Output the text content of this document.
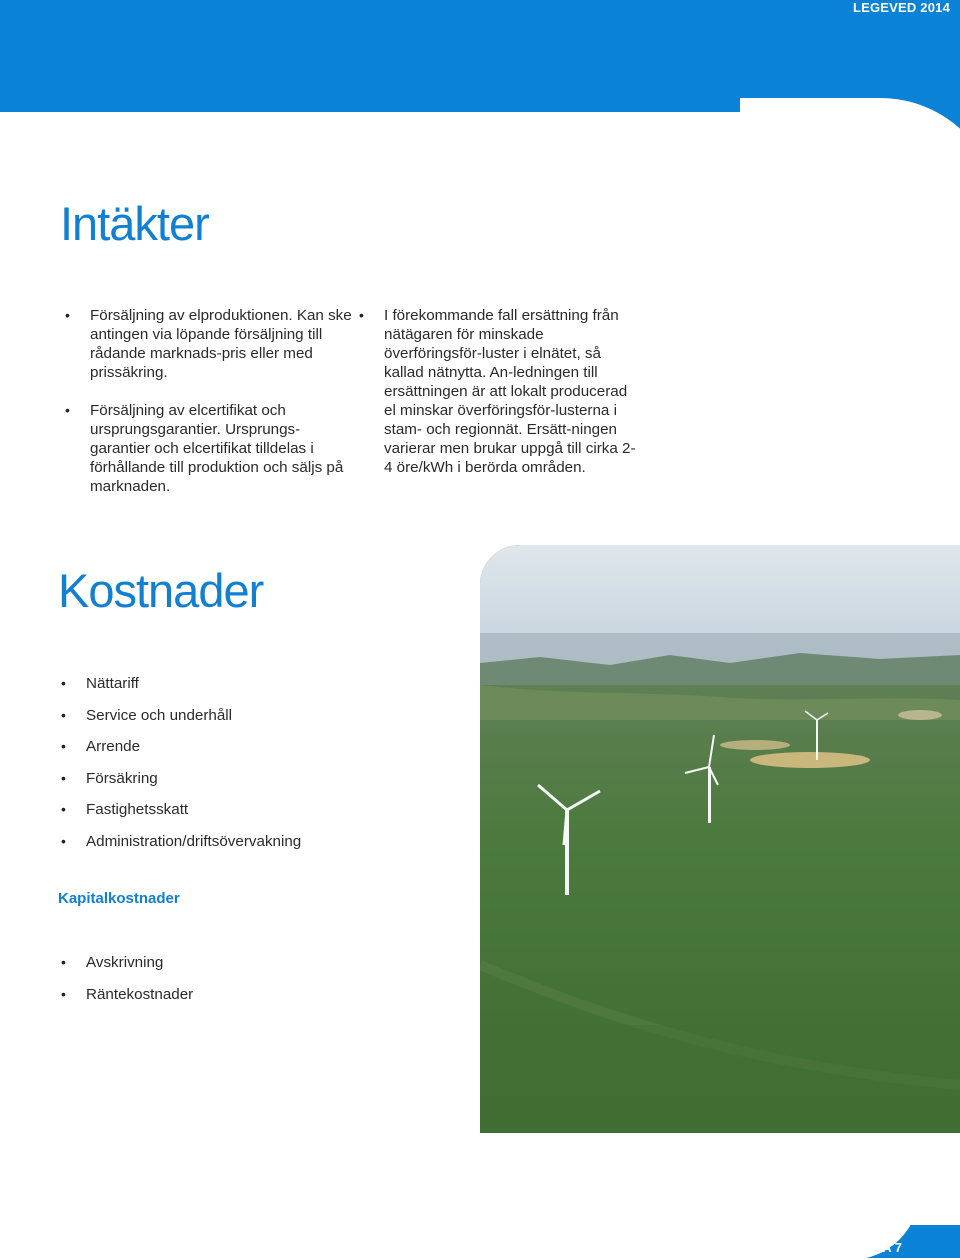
LEGEVED 2014
Intäkter
• Försäljning av elproduktionen. Kan ske antingen via löpande försäljning till rådande marknads-pris eller med prissäkring.
• Försäljning av elcertifikat och ursprungsgarantier. Ursprungs-garantier och elcertifikat tilldelas i förhållande till produktion och säljs på marknaden.
• I förekommande fall ersättning från nätägaren för minskade överföringsför-luster i elnätet, så kallad nätnytta. An-ledningen till ersättningen är att lokalt producerad el minskar överföringsför-lusterna i stam- och regionnät. Ersätt-ningen varierar men brukar uppgå till cirka 2-4 öre/kWh i berörda områden.
Kostnader
• Nättariff
• Service och underhåll
• Arrende
• Försäkring
• Fastighetsskatt
• Administration/driftsövervakning
Kapitalkostnader
• Avskrivning
• Räntekostnader
SIDA 7
